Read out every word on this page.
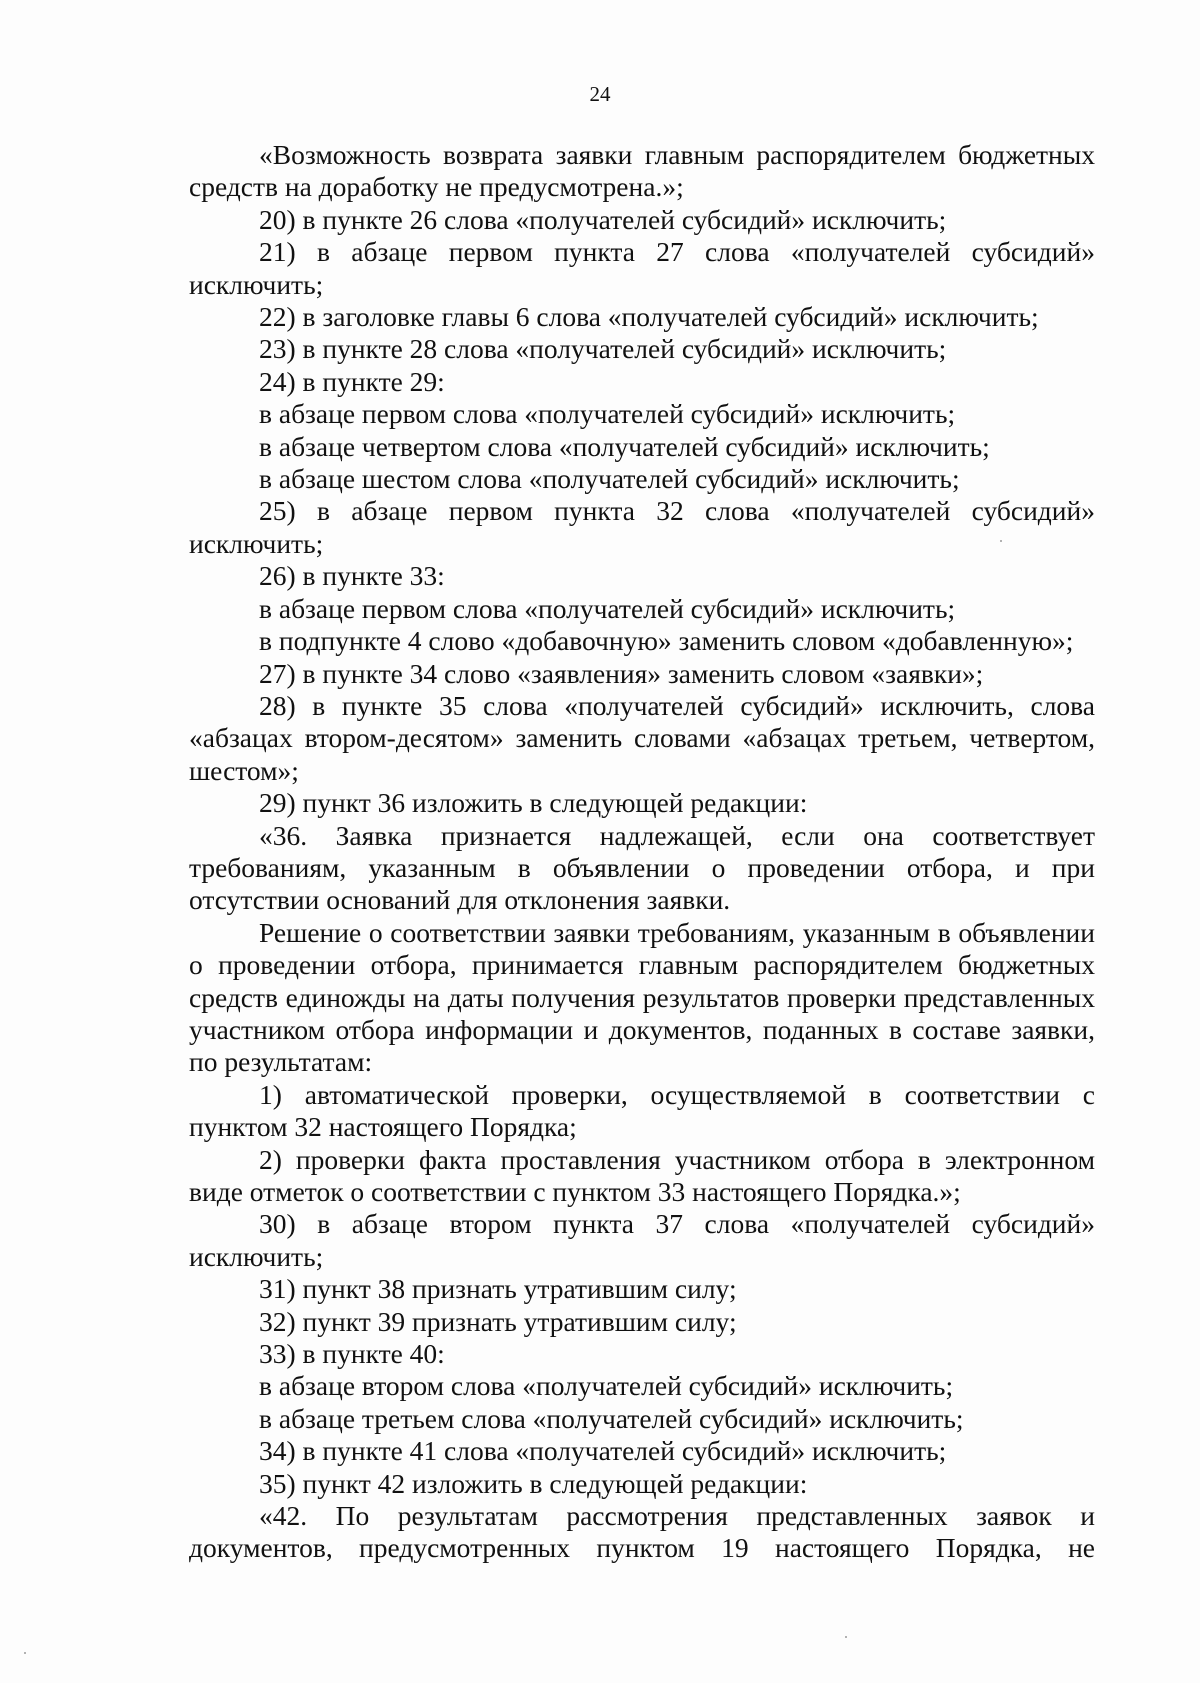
24

«Возможность возврата заявки главным распорядителем бюджетных средств на доработку не предусмотрена.»;

20) в пункте 26 слова «получателей субсидий» исключить;

21) в абзаце первом пункта 27 слова «получателей субсидий» исключить;

22) в заголовке главы 6 слова «получателей субсидий» исключить;

23) в пункте 28 слова «получателей субсидий» исключить;

24) в пункте 29:

в абзаце первом слова «получателей субсидий» исключить;

в абзаце четвертом слова «получателей субсидий» исключить;

в абзаце шестом слова «получателей субсидий» исключить;

25) в абзаце первом пункта 32 слова «получателей субсидий» исключить;

26) в пункте 33:

в абзаце первом слова «получателей субсидий» исключить;

в подпункте 4 слово «добавочную» заменить словом «добавленную»;

27) в пункте 34 слово «заявления» заменить словом «заявки»;

28) в пункте 35 слова «получателей субсидий» исключить, слова «абзацах втором-десятом» заменить словами «абзацах третьем, четвертом, шестом»;

29) пункт 36 изложить в следующей редакции:

«36. Заявка признается надлежащей, если она соответствует требованиям, указанным в объявлении о проведении отбора, и при отсутствии оснований для отклонения заявки.

Решение о соответствии заявки требованиям, указанным в объявлении о проведении отбора, принимается главным распорядителем бюджетных средств единожды на даты получения результатов проверки представленных участником отбора информации и документов, поданных в составе заявки, по результатам:

1) автоматической проверки, осуществляемой в соответствии с пунктом 32 настоящего Порядка;

2) проверки факта проставления участником отбора в электронном виде отметок о соответствии с пунктом 33 настоящего Порядка.»;

30) в абзаце втором пункта 37 слова «получателей субсидий» исключить;

31) пункт 38 признать утратившим силу;

32) пункт 39 признать утратившим силу;

33) в пункте 40:

в абзаце втором слова «получателей субсидий» исключить;

в абзаце третьем слова «получателей субсидий» исключить;

34) в пункте 41 слова «получателей субсидий» исключить;

35) пункт 42 изложить в следующей редакции:

«42. По результатам рассмотрения представленных заявок и документов, предусмотренных пунктом 19 настоящего Порядка, не
